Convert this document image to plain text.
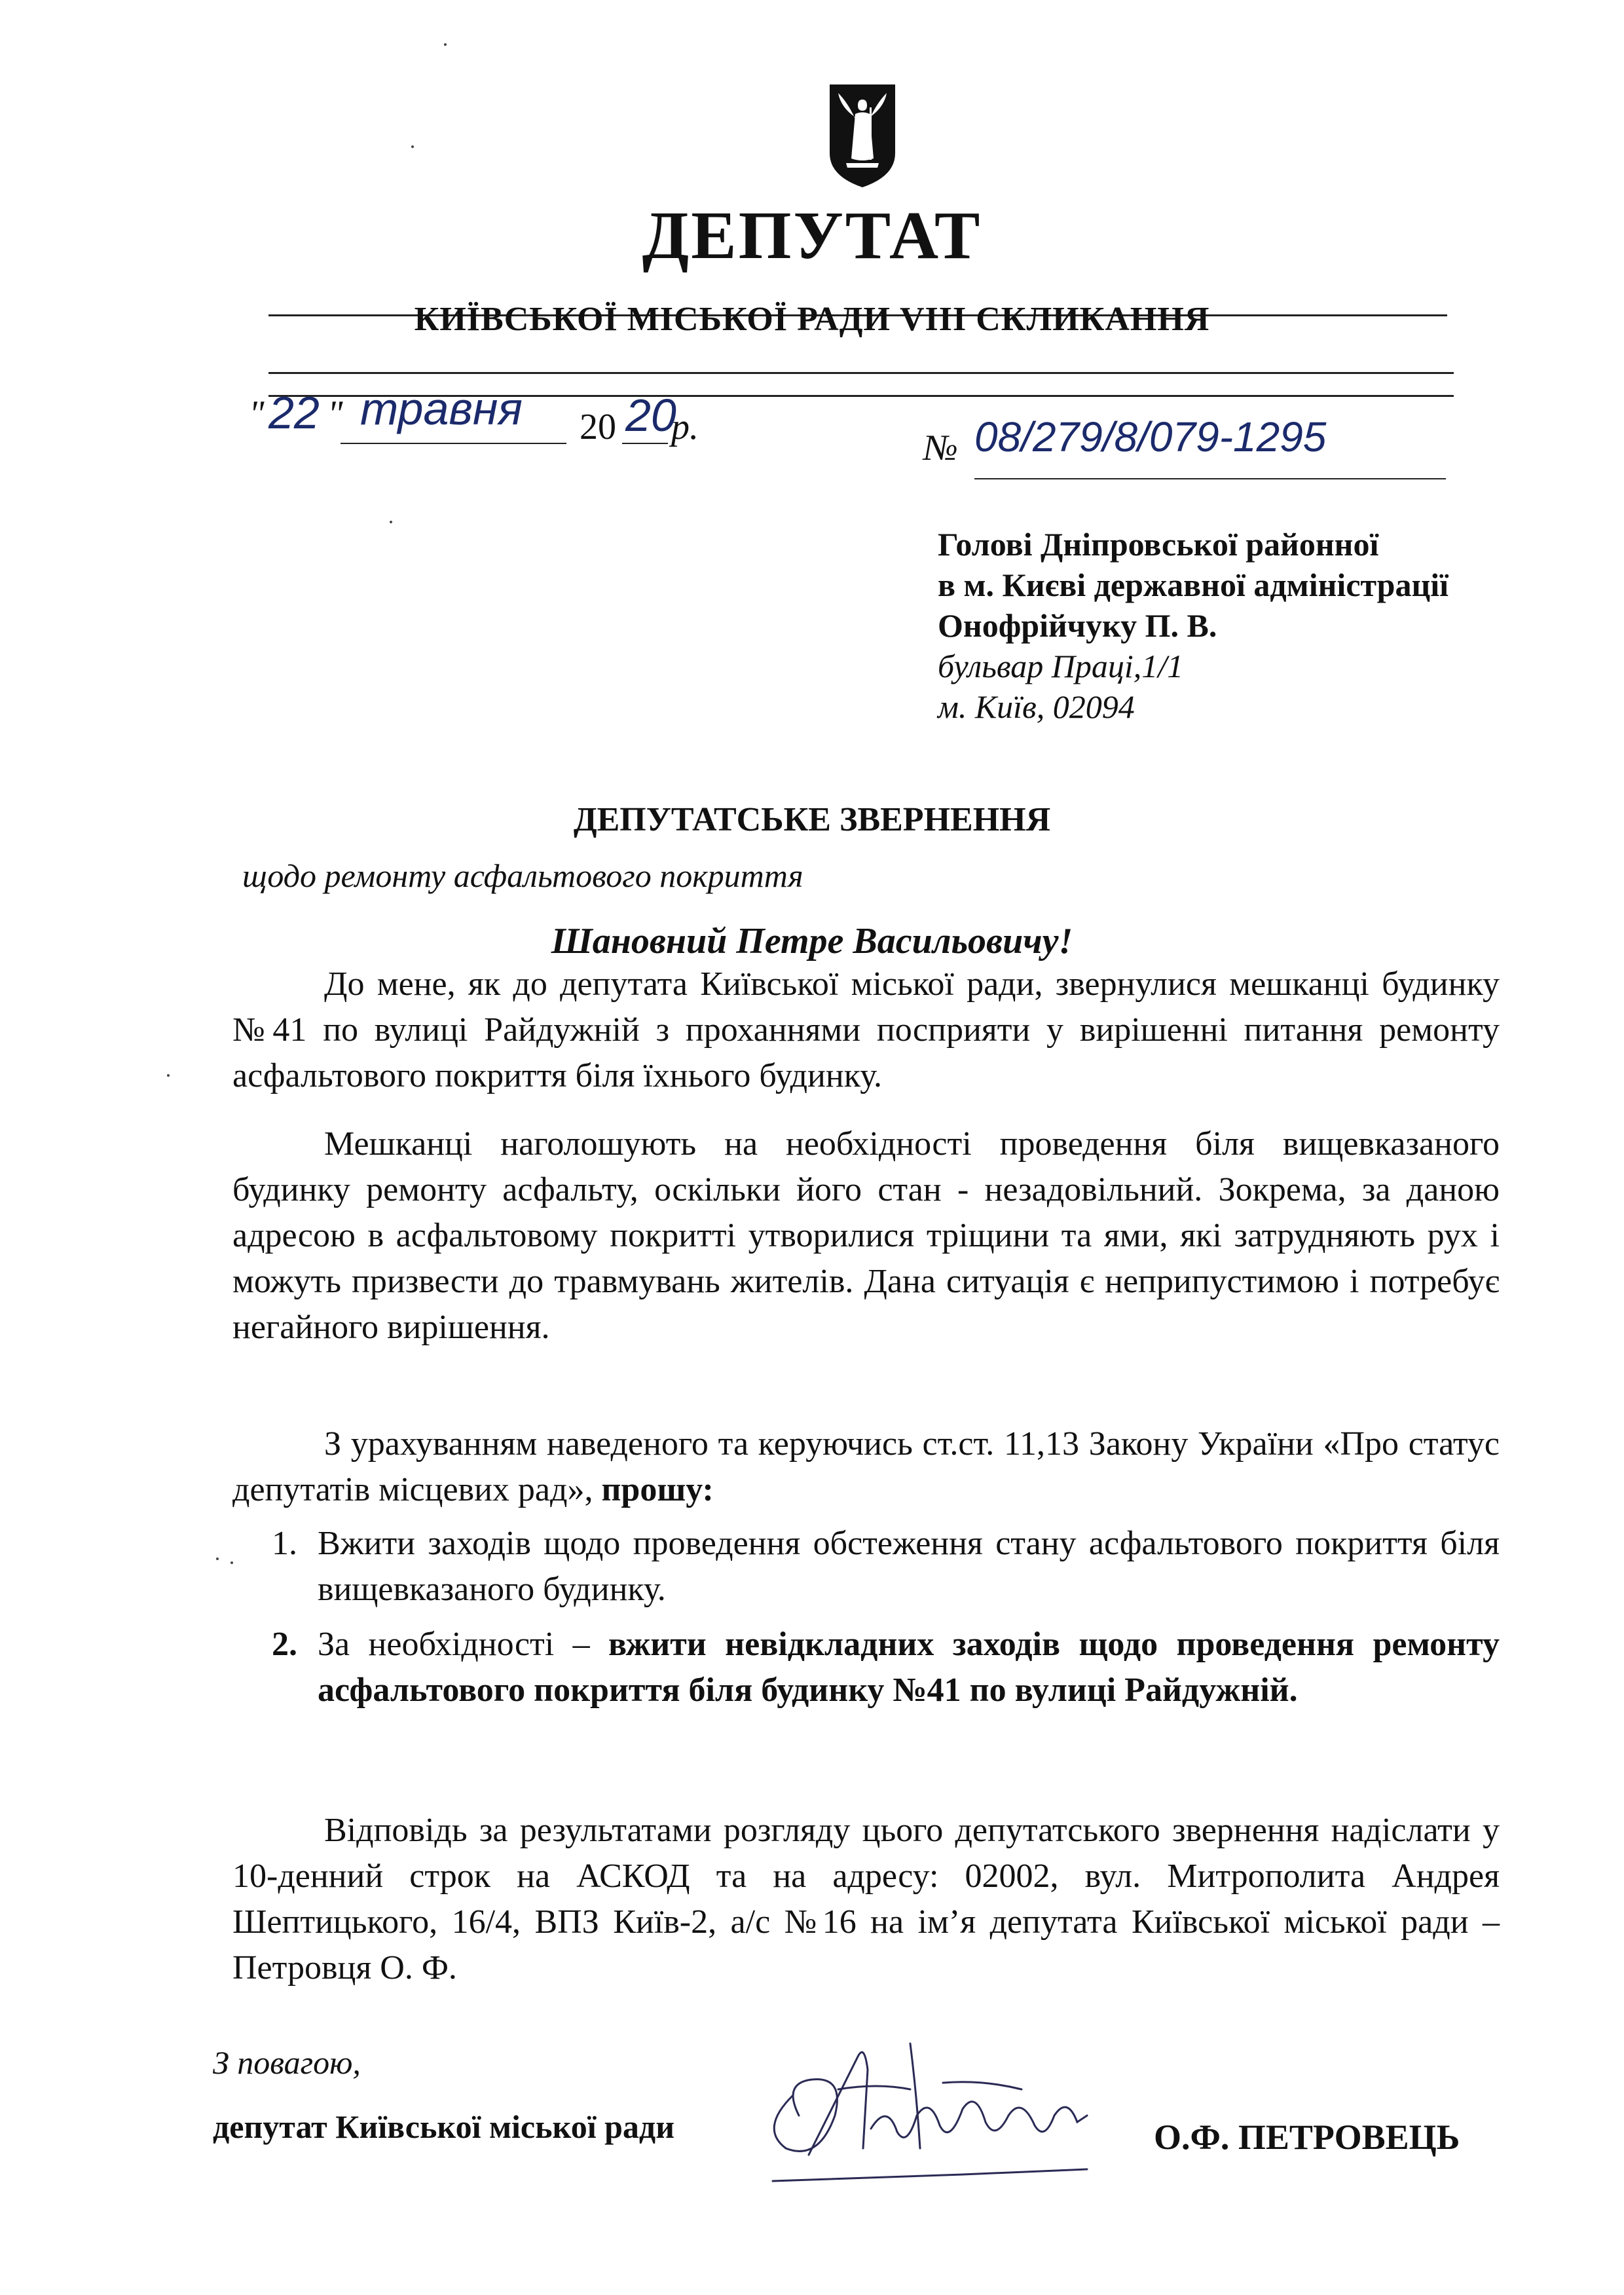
ДЕПУТАТ
КИЇВСЬКОЇ МІСЬКОЇ РАДИ VIII СКЛИКАННЯ
" 22 " травня 20 20
р.
№ 08/279/8/079-1295
Голові Дніпровської районної
в м. Києві державної адміністрації
Онофрійчуку П. В.
бульвар Праці,1/1
м. Київ, 02094
ДЕПУТАТСЬКЕ ЗВЕРНЕННЯ
щодо ремонту асфальтового покриття
Шановний Петре Васильовичу!
До мене, як до депутата Київської міської ради, звернулися мешканці будинку №41 по вулиці Райдужній з проханнями посприяти у вирішенні питання ремонту асфальтового покриття біля їхнього будинку.
Мешканці наголошують на необхідності проведення біля вищевказаного будинку ремонту асфальту, оскільки його стан - незадовільний. Зокрема, за даною адресою в асфальтовому покритті утворилися тріщини та ями, які затрудняють рух і можуть призвести до травмувань жителів. Дана ситуація є неприпустимою і потребує негайного вирішення.
З урахуванням наведеного та керуючись ст.ст. 11,13 Закону України «Про статус депутатів місцевих рад», прошу:
1. Вжити заходів щодо проведення обстеження стану асфальтового покриття біля вищевказаного будинку.
2. За необхідності – вжити невідкладних заходів щодо проведення ремонту асфальтового покриття біля будинку №41 по вулиці Райдужній.
Відповідь за результатами розгляду цього депутатського звернення надіслати у 10-денний строк на АСКОД та на адресу: 02002, вул. Митрополита Андрея Шептицького, 16/4, ВПЗ Київ-2, а/с №16 на ім’я депутата Київської міської ради – Петровця О. Ф.
З повагою,
депутат Київської міської ради	О.Ф. ПЕТРОВЕЦЬ
